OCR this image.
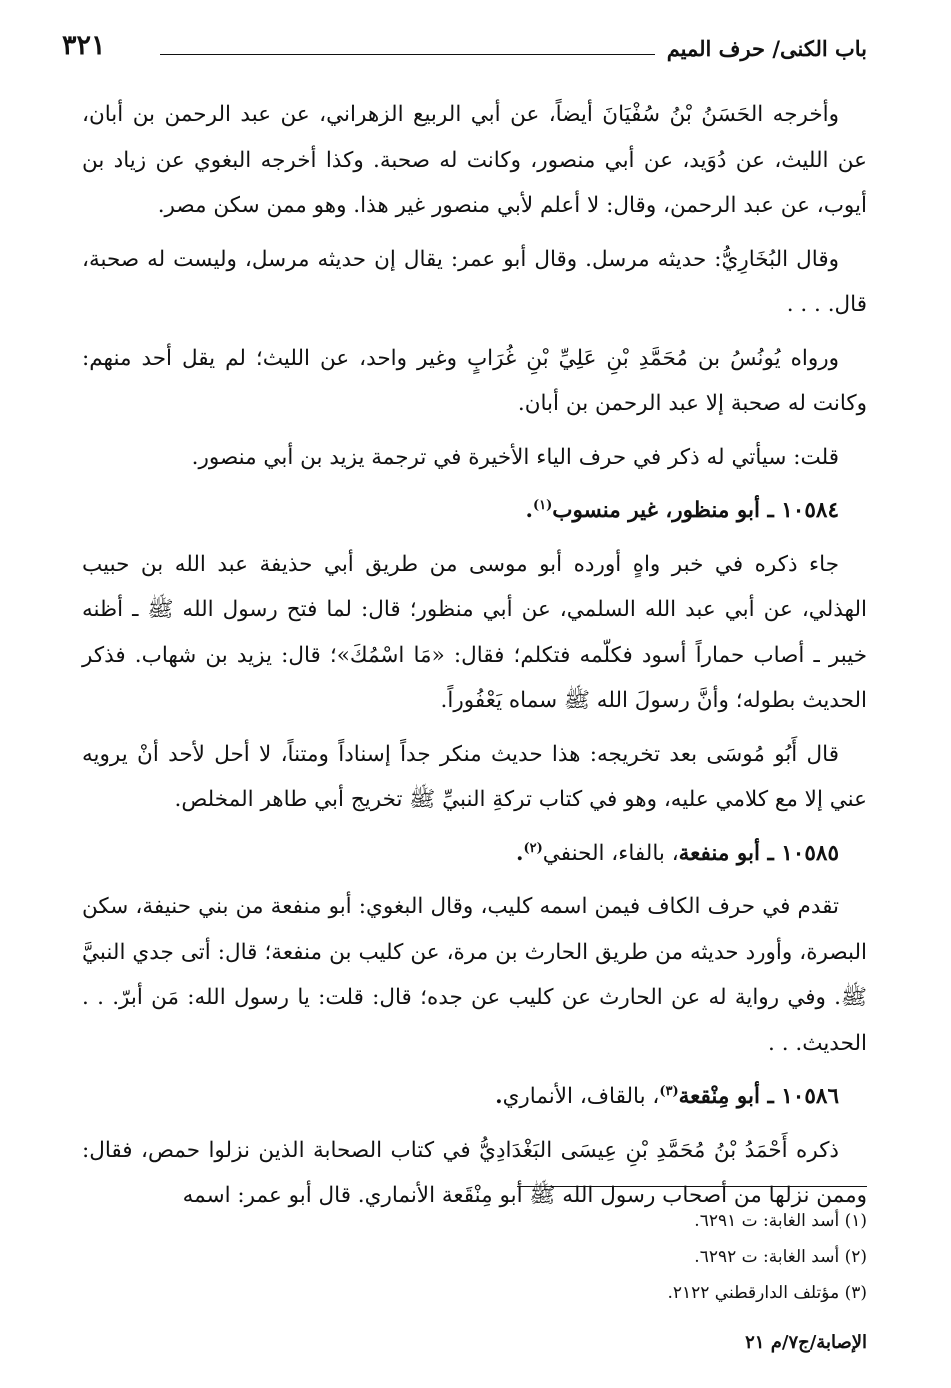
باب الكنى/ حرف الميم
٣٢١

وأخرجه الحَسَنُ بْنُ سُفْيَانَ أيضاً، عن أبي الربيع الزهراني، عن عبد الرحمن بن أبان، عن الليث، عن دُوَيد، عن أبي منصور، وكانت له صحبة. وكذا أخرجه البغوي عن زياد بن أيوب، عن عبد الرحمن، وقال: لا أعلم لأبي منصور غير هذا. وهو ممن سكن مصر.

وقال البُخَارِيُّ: حديثه مرسل. وقال أبو عمر: يقال إن حديثه مرسل، وليست له صحبة، قال. . . .

ورواه يُونُسُ بن مُحَمَّدِ بْنِ عَلِيِّ بْنِ غُرَابٍ وغير واحد، عن الليث؛ لم يقل أحد منهم: وكانت له صحبة إلا عبد الرحمن بن أبان.

قلت: سيأتي له ذكر في حرف الياء الأخيرة في ترجمة يزيد بن أبي منصور.

١٠٥٨٤ ـ أبو منظور، غير منسوب$^{(١)}$.

جاء ذكره في خبر واهٍ أورده أبو موسى من طريق أبي حذيفة عبد الله بن حبيب الهذلي، عن أبي عبد الله السلمي، عن أبي منظور؛ قال: لما فتح رسول الله ﷺ ـ أظنه خيبر ـ أصاب حماراً أسود فكلّمه فتكلم؛ فقال: «مَا اسْمُكَ»؛ قال: يزيد بن شهاب. فذكر الحديث بطوله؛ وأنَّ رسولَ الله ﷺ سماه يَعْفُوراً.

قال أَبُو مُوسَى بعد تخريجه: هذا حديث منكر جداً إسناداً ومتناً، لا أحل لأحد أنْ يرويه عني إلا مع كلامي عليه، وهو في كتاب تركةِ النبيِّ ﷺ تخريج أبي طاهر المخلص.

١٠٥٨٥ ـ أبو منفعة، بالفاء، الحنفي$^{(٢)}$.

تقدم في حرف الكاف فيمن اسمه كليب، وقال البغوي: أبو منفعة من بني حنيفة، سكن البصرة، وأورد حديثه من طريق الحارث بن مرة، عن كليب بن منفعة؛ قال: أتى جدي النبيَّ ﷺ. وفي رواية له عن الحارث عن كليب عن جده؛ قال: قلت: يا رسول الله: مَن أبرّ. . . الحديث. . .

١٠٥٨٦ ـ أبو مِنْقعة$^{(٣)}$، بالقاف، الأنماري.

ذكره أَحْمَدُ بْنُ مُحَمَّدِ بْنِ عِيسَى البَغْدَادِيُّ في كتاب الصحابة الذين نزلوا حمص، فقال: وممن نزلها من أصحاب رسول الله ﷺ أبو مِنْقَعة الأنماري. قال أبو عمر: اسمه

(١) أسد الغابة: ت ٦٢٩١.
(٢) أسد الغابة: ت ٦٢٩٢.
(٣) مؤتلف الدارقطني ٢١٢٢.
الإصابة/ج٧/م ٢١
